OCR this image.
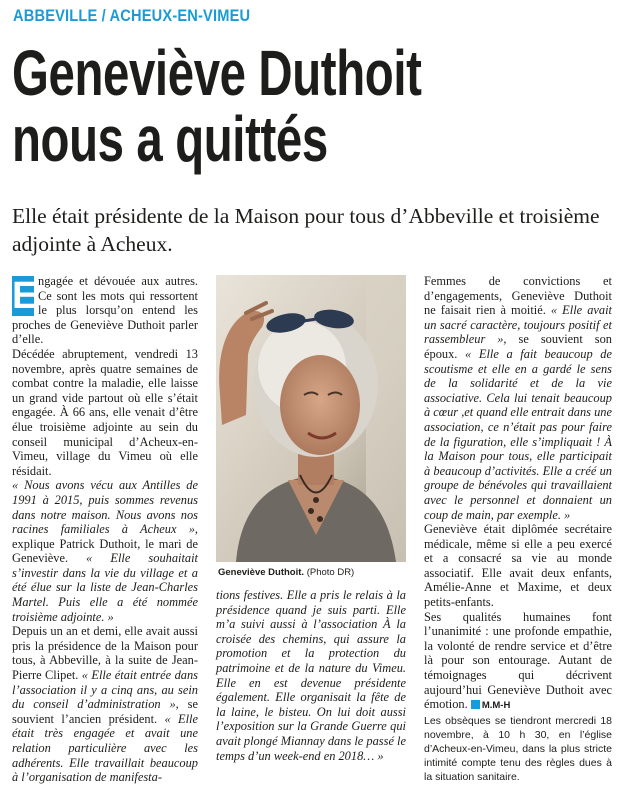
ABBEVILLE / ACHEUX-EN-VIMEU
Geneviève Duthoit
nous a quittés
Elle était présidente de la Maison pour tous d’Abbeville et troisième adjointe à Acheux.

E ngagée et dévouée aux autres. Ce sont les mots qui ressortent le plus lorsqu’on entend les proches de Geneviève Duthoit parler d’elle.

Décédée abruptement, vendredi 13 novembre, après quatre semaines de combat contre la maladie, elle laisse un grand vide partout où elle s’était engagée. À 66 ans, elle venait d’être élue troisième adjointe au sein du conseil municipal d’Acheux-en-Vimeu, village du Vimeu où elle résidait.

« Nous avons vécu aux Antilles de 1991 à 2015, puis sommes revenus dans notre maison. Nous avons nos racines familiales à Acheux », explique Patrick Duthoit, le mari de Geneviève. « Elle souhaitait s’investir dans la vie du village et a été élue sur la liste de Jean-Charles Martel. Puis elle a été nommée troisième adjointe. »

Depuis un an et demi, elle avait aussi pris la présidence de la Maison pour tous, à Abbeville, à la suite de Jean-Pierre Clipet. « Elle était entrée dans l’association il y a cinq ans, au sein du conseil d’administration », se souvient l’ancien président. « Elle était très engagée et avait une relation particulière avec les adhérents. Elle travaillait beaucoup à l’organisation de manifesta-

Geneviève Duthoit. (Photo DR)

tions festives. Elle a pris le relais à la présidence quand je suis parti. Elle m’a suivi aussi à l’association À la croisée des chemins, qui assure la promotion et la protection du patrimoine et de la nature du Vimeu. Elle en est devenue présidente également. Elle organisait la fête de la laine, le bisteu. On lui doit aussi l’exposition sur la Grande Guerre qui avait plongé Miannay dans le passé le temps d’un week-end en 2018… »

Femmes de convictions et d’engagements, Geneviève Duthoit ne faisait rien à moitié. « Elle avait un sacré caractère, toujours positif et rassembleur », se souvient son époux. « Elle a fait beaucoup de scoutisme et elle en a gardé le sens de la solidarité et de la vie associative. Cela lui tenait beaucoup à cœur ,et quand elle entrait dans une association, ce n’était pas pour faire de la figuration, elle s’impliquait ! À la Maison pour tous, elle participait à beaucoup d’activités. Elle a créé un groupe de bénévoles qui travaillaient avec le personnel et donnaient un coup de main, par exemple. »

Geneviève était diplômée secrétaire médicale, même si elle a peu exercé et a consacré sa vie au monde associatif. Elle avait deux enfants, Amélie-Anne et Maxime, et deux petits-enfants.

Ses qualités humaines font l’unanimité : une profonde empathie, la volonté de rendre service et d’être là pour son entourage. Autant de témoignages qui décrivent aujourd’hui Geneviève Duthoit avec émotion. M.M-H

Les obsèques se tiendront mercredi 18 novembre, à 10 h 30, en l’église d’Acheux-en-Vimeu, dans la plus stricte intimité compte tenu des règles dues à la situation sanitaire.
